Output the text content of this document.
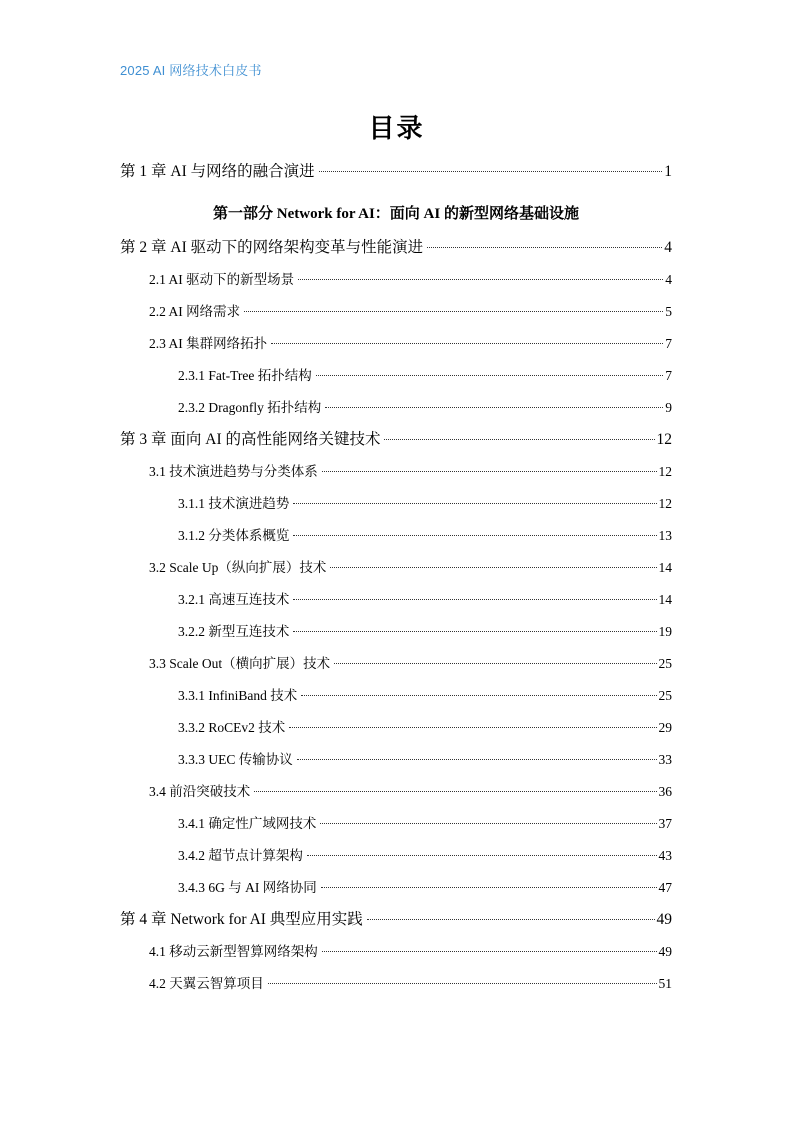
2025 AI 网络技术白皮书
目录
第 1 章 AI 与网络的融合演进	1
第一部分 Network for AI：面向 AI 的新型网络基础设施
第 2 章 AI 驱动下的网络架构变革与性能演进	4
2.1 AI 驱动下的新型场景	4
2.2 AI 网络需求	5
2.3 AI 集群网络拓扑	7
2.3.1 Fat-Tree 拓扑结构	7
2.3.2 Dragonfly 拓扑结构	9
第 3 章 面向 AI 的高性能网络关键技术	12
3.1 技术演进趋势与分类体系	12
3.1.1 技术演进趋势	12
3.1.2 分类体系概览	13
3.2 Scale Up（纵向扩展）技术	14
3.2.1 高速互连技术	14
3.2.2 新型互连技术	19
3.3 Scale Out（横向扩展）技术	25
3.3.1 InfiniBand 技术	25
3.3.2 RoCEv2 技术	29
3.3.3 UEC 传输协议	33
3.4 前沿突破技术	36
3.4.1 确定性广域网技术	37
3.4.2 超节点计算架构	43
3.4.3 6G 与 AI 网络协同	47
第 4 章 Network for AI 典型应用实践	49
4.1 移动云新型智算网络架构	49
4.2 天翼云智算项目	51
